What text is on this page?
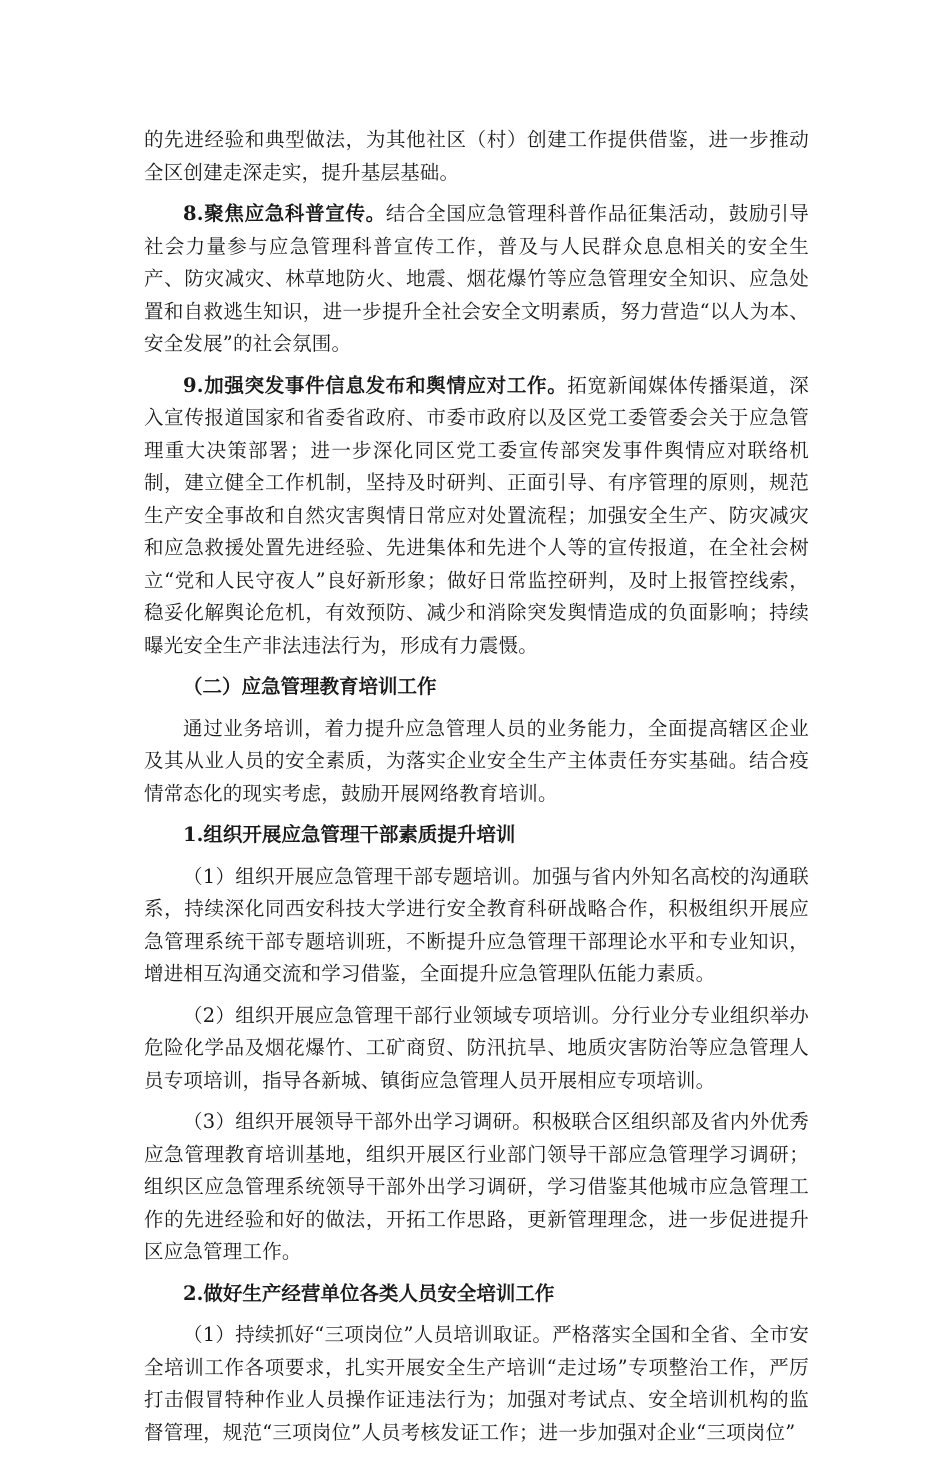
的先进经验和典型做法，为其他社区（村）创建工作提供借鉴，进一步推动全区创建走深走实，提升基层基础。

8.聚焦应急科普宣传。结合全国应急管理科普作品征集活动，鼓励引导社会力量参与应急管理科普宣传工作，普及与人民群众息息相关的安全生产、防灾减灾、林草地防火、地震、烟花爆竹等应急管理安全知识、应急处置和自救逃生知识，进一步提升全社会安全文明素质，努力营造“以人为本、安全发展”的社会氛围。

9.加强突发事件信息发布和舆情应对工作。拓宽新闻媒体传播渠道，深入宣传报道国家和省委省政府、市委市政府以及区党工委管委会关于应急管理重大决策部署；进一步深化同区党工委宣传部突发事件舆情应对联络机制，建立健全工作机制，坚持及时研判、正面引导、有序管理的原则，规范生产安全事故和自然灾害舆情日常应对处置流程；加强安全生产、防灾减灾和应急救援处置先进经验、先进集体和先进个人等的宣传报道，在全社会树立“党和人民守夜人”良好新形象；做好日常监控研判，及时上报管控线索，稳妥化解舆论危机，有效预防、减少和消除突发舆情造成的负面影响；持续曝光安全生产非法违法行为，形成有力震慑。

（二）应急管理教育培训工作

通过业务培训，着力提升应急管理人员的业务能力，全面提高辖区企业及其从业人员的安全素质，为落实企业安全生产主体责任夯实基础。结合疫情常态化的现实考虑，鼓励开展网络教育培训。

1.组织开展应急管理干部素质提升培训

（1）组织开展应急管理干部专题培训。加强与省内外知名高校的沟通联系，持续深化同西安科技大学进行安全教育科研战略合作，积极组织开展应急管理系统干部专题培训班，不断提升应急管理干部理论水平和专业知识，增进相互沟通交流和学习借鉴，全面提升应急管理队伍能力素质。

（2）组织开展应急管理干部行业领域专项培训。分行业分专业组织举办危险化学品及烟花爆竹、工矿商贸、防汛抗旱、地质灾害防治等应急管理人员专项培训，指导各新城、镇街应急管理人员开展相应专项培训。

（3）组织开展领导干部外出学习调研。积极联合区组织部及省内外优秀应急管理教育培训基地，组织开展区行业部门领导干部应急管理学习调研；组织区应急管理系统领导干部外出学习调研，学习借鉴其他城市应急管理工作的先进经验和好的做法，开拓工作思路，更新管理理念，进一步促进提升区应急管理工作。

2.做好生产经营单位各类人员安全培训工作

（1）持续抓好“三项岗位”人员培训取证。严格落实全国和全省、全市安全培训工作各项要求，扎实开展安全生产培训“走过场”专项整治工作，严厉打击假冒特种作业人员操作证违法行为；加强对考试点、安全培训机构的监督管理，规范“三项岗位”人员考核发证工作；进一步加强对企业“三项岗位”
